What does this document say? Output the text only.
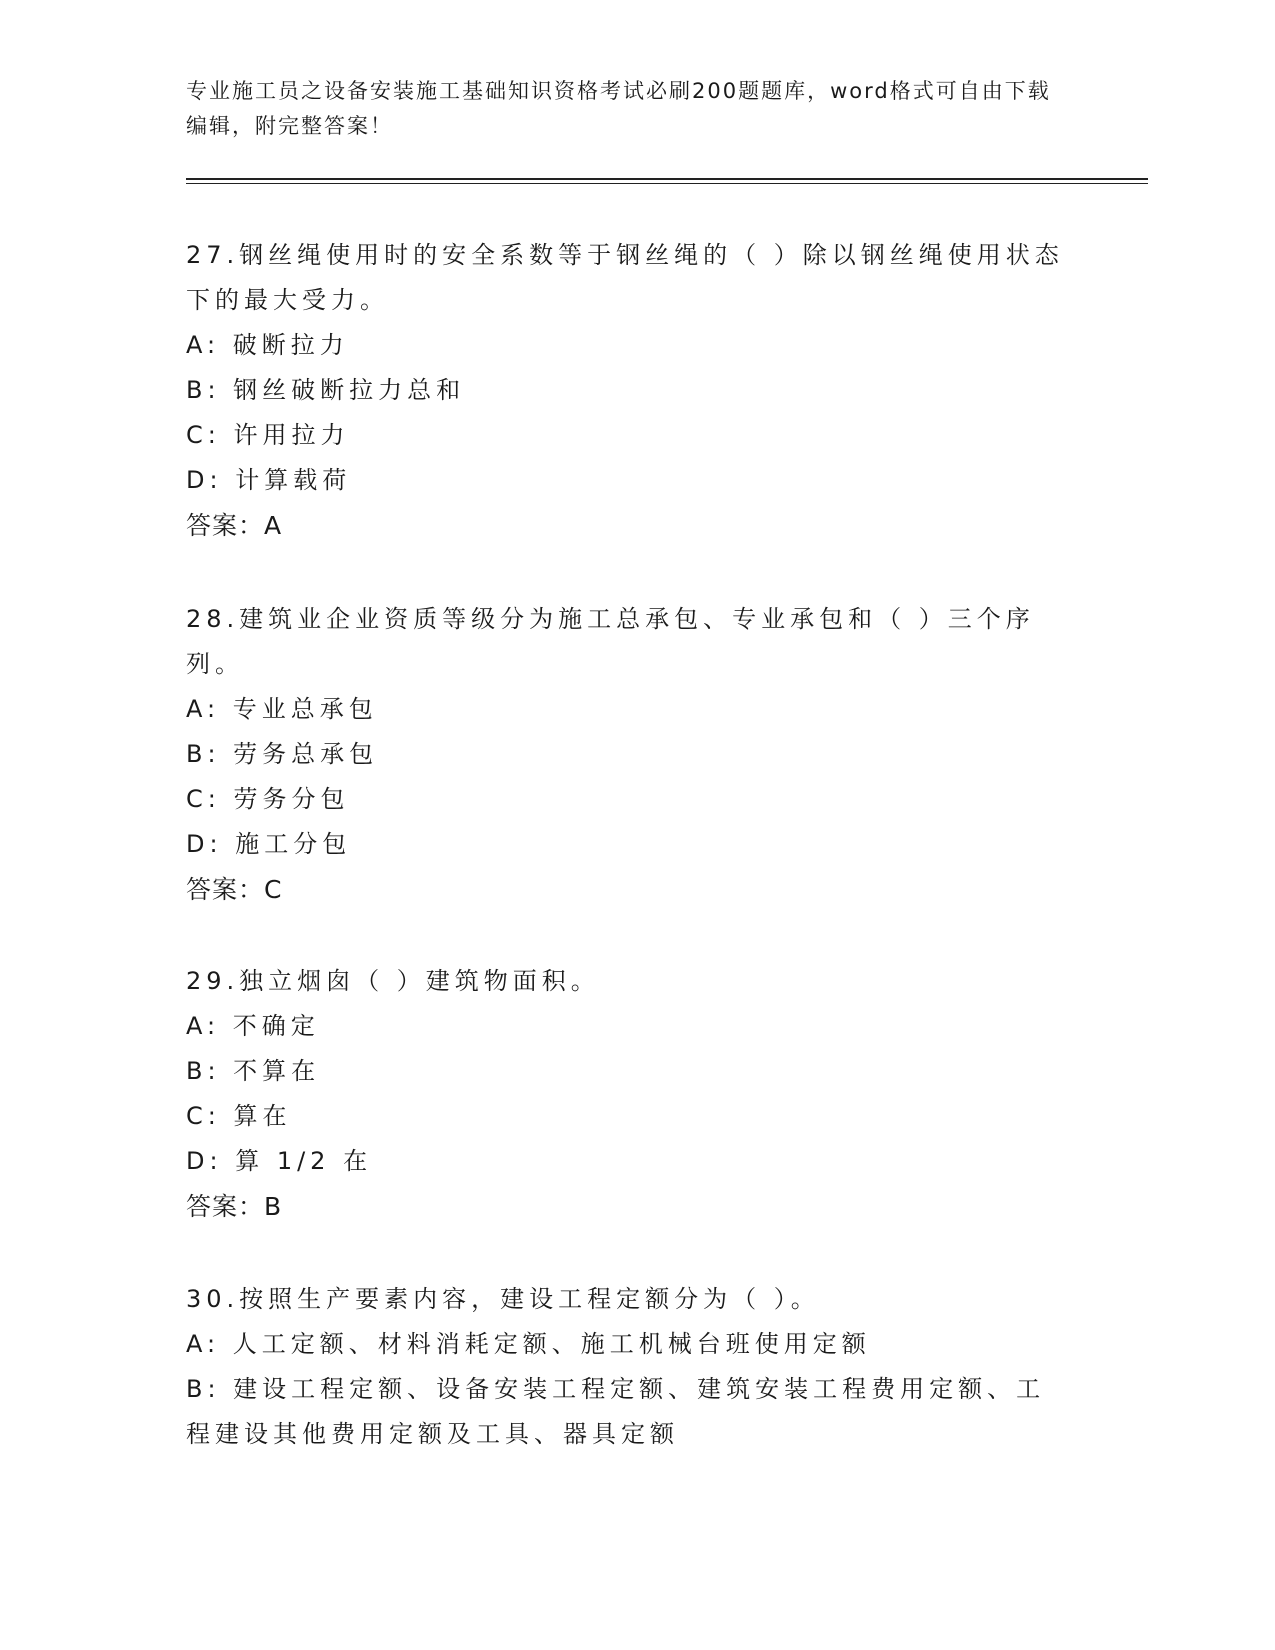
专业施工员之设备安装施工基础知识资格考试必刷200题题库，word格式可自由下载编辑，附完整答案！

27.钢丝绳使用时的安全系数等于钢丝绳的（ ）除以钢丝绳使用状态下的最大受力。

A: 破断拉力
B: 钢丝破断拉力总和
C: 许用拉力
D: 计算载荷
答案：A

28.建筑业企业资质等级分为施工总承包、专业承包和（ ）三个序列。

A: 专业总承包
B: 劳务总承包
C: 劳务分包
D: 施工分包
答案：C

29.独立烟囱（ ）建筑物面积。

A: 不确定
B: 不算在
C: 算在
D: 算 1/2 在
答案：B

30.按照生产要素内容，建设工程定额分为（ ）。

A: 人工定额、材料消耗定额、施工机械台班使用定额
B: 建设工程定额、设备安装工程定额、建筑安装工程费用定额、工程建设其他费用定额及工具、器具定额
